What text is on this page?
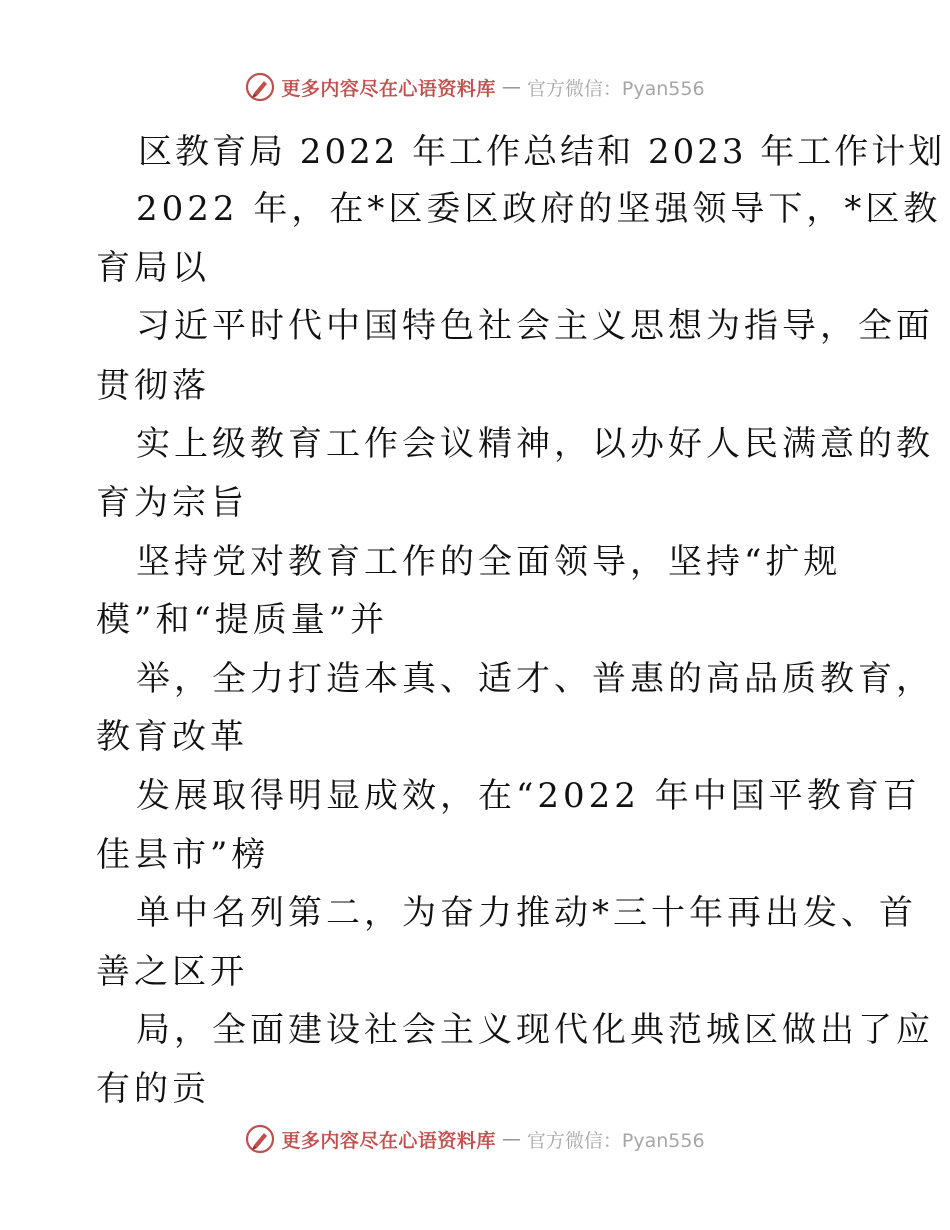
更多内容尽在心语资料库 — 官方微信：Pyan556
区教育局 2022 年工作总结和 2023 年工作计划
2022 年，在*区委区政府的坚强领导下，*区教
育局以
习近平时代中国特色社会主义思想为指导，全面
贯彻落
实上级教育工作会议精神，以办好人民满意的教
育为宗旨
坚持党对教育工作的全面领导，坚持“扩规
模”和“提质量”并
举，全力打造本真、适才、普惠的高品质教育，
教育改革
发展取得明显成效，在“2022 年中国平教育百
佳县市”榜
单中名列第二，为奋力推动*三十年再出发、首
善之区开
局，全面建设社会主义现代化典范城区做出了应
有的贡
更多内容尽在心语资料库 — 官方微信：Pyan556
